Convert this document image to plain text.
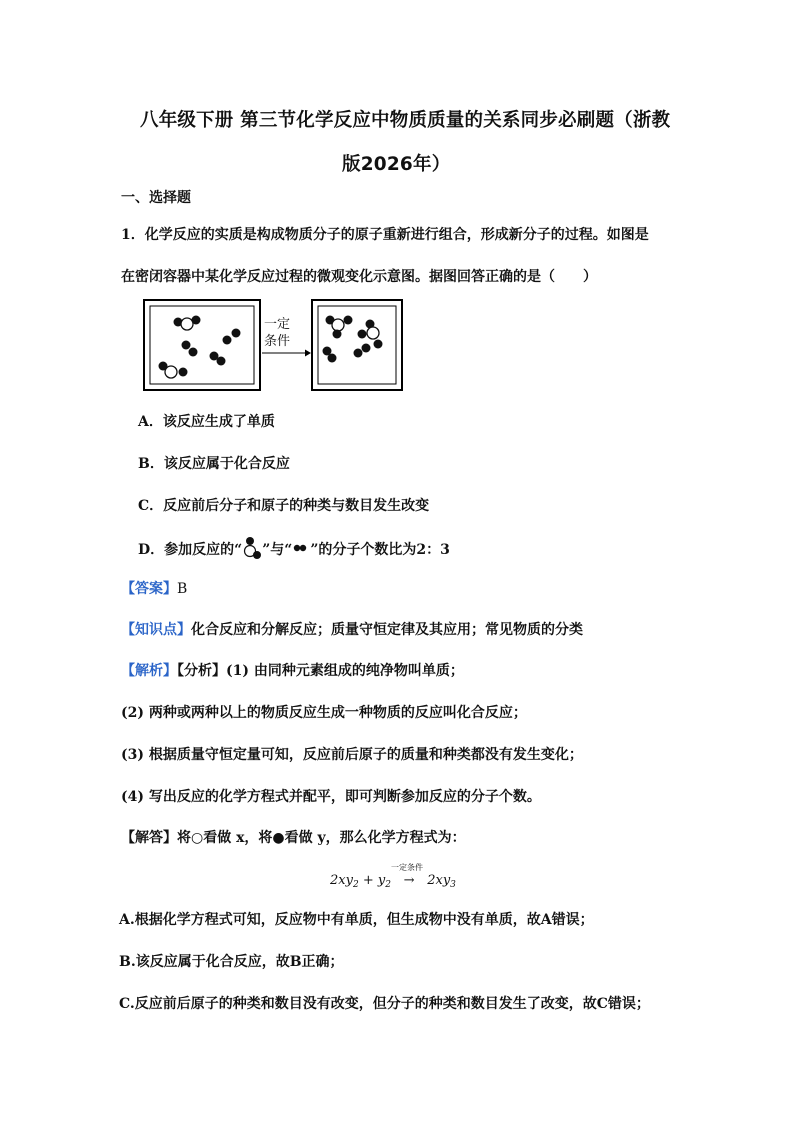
八年级下册 第三节化学反应中物质质量的关系同步必刷题（浙教
版2026年）
一、选择题
1．化学反应的实质是构成物质分子的原子重新进行组合，形成新分子的过程。如图是
在密闭容器中某化学反应过程的微观变化示意图。据图回答正确的是（　　）
一定
条件
A．该反应生成了单质
B．该反应属于化合反应
C．反应前后分子和原子的种类与数目发生改变
D．参加反应的“ ”与“ ”的分子个数比为2：3
【答案】B
【知识点】化合反应和分解反应；质量守恒定律及其应用；常见物质的分类
【解析】【分析】(1) 由同种元素组成的纯净物叫单质；
(2) 两种或两种以上的物质反应生成一种物质的反应叫化合反应；
(3) 根据质量守恒定量可知，反应前后原子的质量和种类都没有发生变化；
(4) 写出反应的化学方程式并配平，即可判断参加反应的分子个数。
【解答】将○看做 x，将●看做 y，那么化学方程式为：
一定条件
$2xy_2 + y_2 \to 2xy_3$
A.根据化学方程式可知，反应物中有单质，但生成物中没有单质，故A错误；
B.该反应属于化合反应，故B正确；
C.反应前后原子的种类和数目没有改变，但分子的种类和数目发生了改变，故C错误；
